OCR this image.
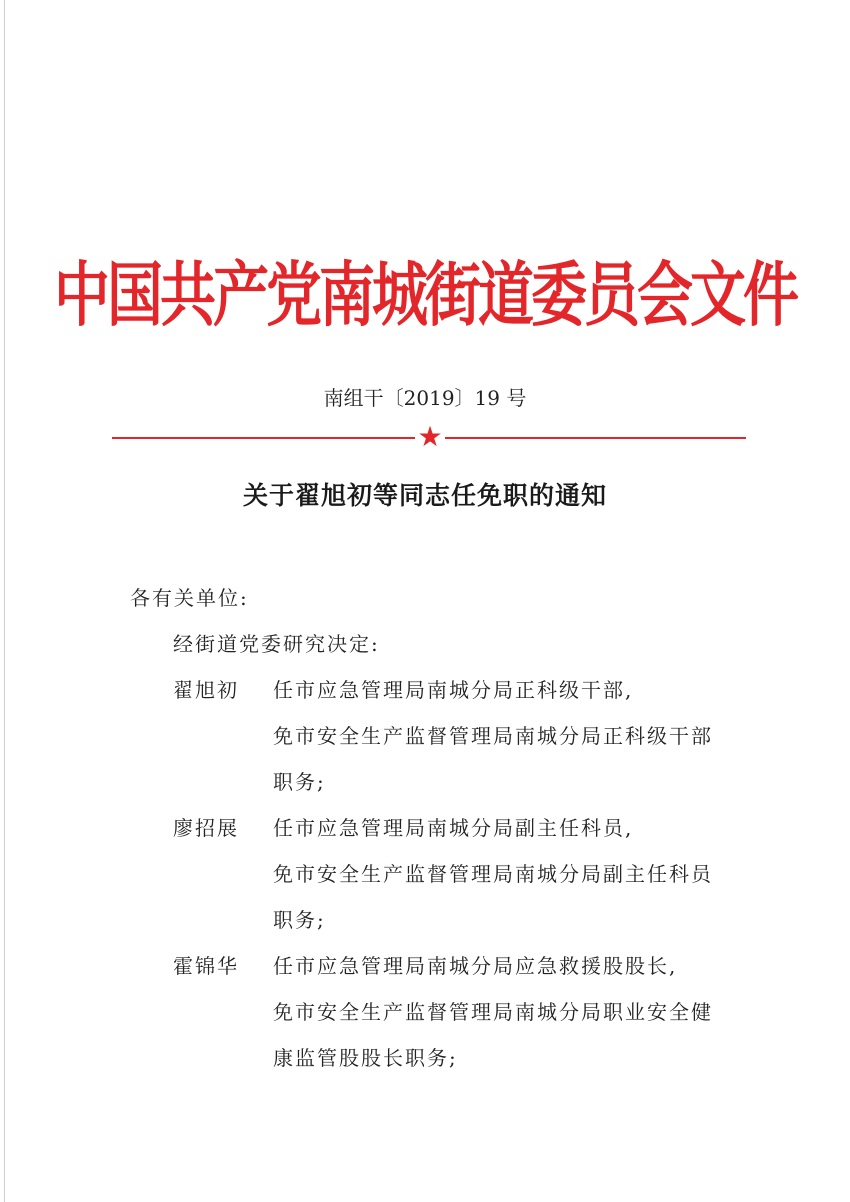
中国共产党南城街道委员会文件
南组干〔2019〕19 号
★
关于翟旭初等同志任免职的通知
各有关单位:
经街道党委研究决定:
翟旭初 任市应急管理局南城分局正科级干部,
免市安全生产监督管理局南城分局正科级干部
职务;
廖招展 任市应急管理局南城分局副主任科员,
免市安全生产监督管理局南城分局副主任科员
职务;
霍锦华 任市应急管理局南城分局应急救援股股长,
免市安全生产监督管理局南城分局职业安全健
康监管股股长职务;
